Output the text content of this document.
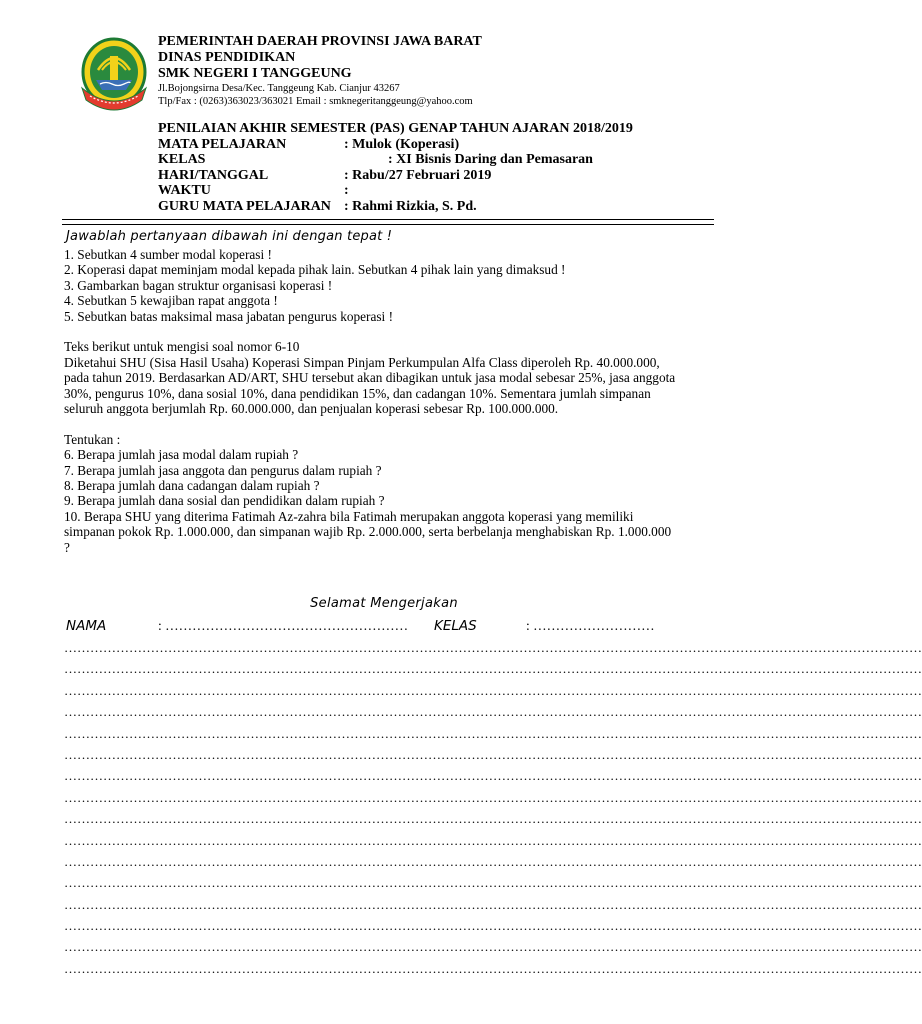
PEMERINTAH DAERAH PROVINSI JAWA BARAT
DINAS PENDIDIKAN
SMK NEGERI I TANGGEUNG
Jl.Bojongsirna Desa/Kec. Tanggeung Kab. Cianjur 43267
Tlp/Fax : (0263)363023/363021 Email : smknegeritanggeung@yahoo.com
PENILAIAN AKHIR SEMESTER (PAS) GENAP TAHUN AJARAN 2018/2019
MATA PELAJARAN	: Mulok (Koperasi)
KELAS	: XI Bisnis Daring dan Pemasaran
HARI/TANGGAL	: Rabu/27 Februari 2019
WAKTU	:
GURU MATA PELAJARAN : Rahmi Rizkia, S. Pd.
Jawablah pertanyaan dibawah ini dengan tepat !

1. Sebutkan 4 sumber modal koperasi !

2. Koperasi dapat meminjam modal kepada pihak lain. Sebutkan 4 pihak lain yang dimaksud !

3. Gambarkan bagan struktur organisasi koperasi !

4. Sebutkan 5 kewajiban rapat anggota !

5. Sebutkan batas maksimal masa jabatan pengurus koperasi !

Teks berikut untuk mengisi soal nomor 6-10

Diketahui SHU (Sisa Hasil Usaha) Koperasi Simpan Pinjam Perkumpulan Alfa Class diperoleh Rp. 40.000.000,

pada tahun 2019. Berdasarkan AD/ART, SHU tersebut akan dibagikan untuk jasa modal sebesar 25%, jasa anggota

30%, pengurus 10%, dana sosial 10%, dana pendidikan 15%, dan cadangan 10%. Sementara jumlah simpanan

seluruh anggota berjumlah Rp. 60.000.000, dan penjualan koperasi sebesar Rp. 100.000.000.

Tentukan :

6. Berapa jumlah jasa modal dalam rupiah ?

7. Berapa jumlah jasa anggota dan pengurus dalam rupiah ?

8. Berapa jumlah dana cadangan dalam rupiah ?

9. Berapa jumlah dana sosial dan pendidikan dalam rupiah ?

10. Berapa SHU yang diterima Fatimah Az-zahra bila Fatimah merupakan anggota koperasi yang memiliki

simpanan pokok Rp. 1.000.000, dan simpanan wajib Rp. 2.000.000, serta berbelanja menghabiskan Rp. 1.000.000

?

Selamat Mengerjakan
NAMA	: ……………………………………………… KELAS	: ………………………
………………………………………………………………………………………………………………………………………………………………………………
………………………………………………………………………………………………………………………………………………………………………………
………………………………………………………………………………………………………………………………………………………………………………
………………………………………………………………………………………………………………………………………………………………………………
………………………………………………………………………………………………………………………………………………………………………………
………………………………………………………………………………………………………………………………………………………………………………
………………………………………………………………………………………………………………………………………………………………………………
………………………………………………………………………………………………………………………………………………………………………………
………………………………………………………………………………………………………………………………………………………………………………
………………………………………………………………………………………………………………………………………………………………………………
………………………………………………………………………………………………………………………………………………………………………………
………………………………………………………………………………………………………………………………………………………………………………
………………………………………………………………………………………………………………………………………………………………………………
………………………………………………………………………………………………………………………………………………………………………………
………………………………………………………………………………………………………………………………………………………………………………
………………………………………………………………………………………………………………………………………………………………………………
